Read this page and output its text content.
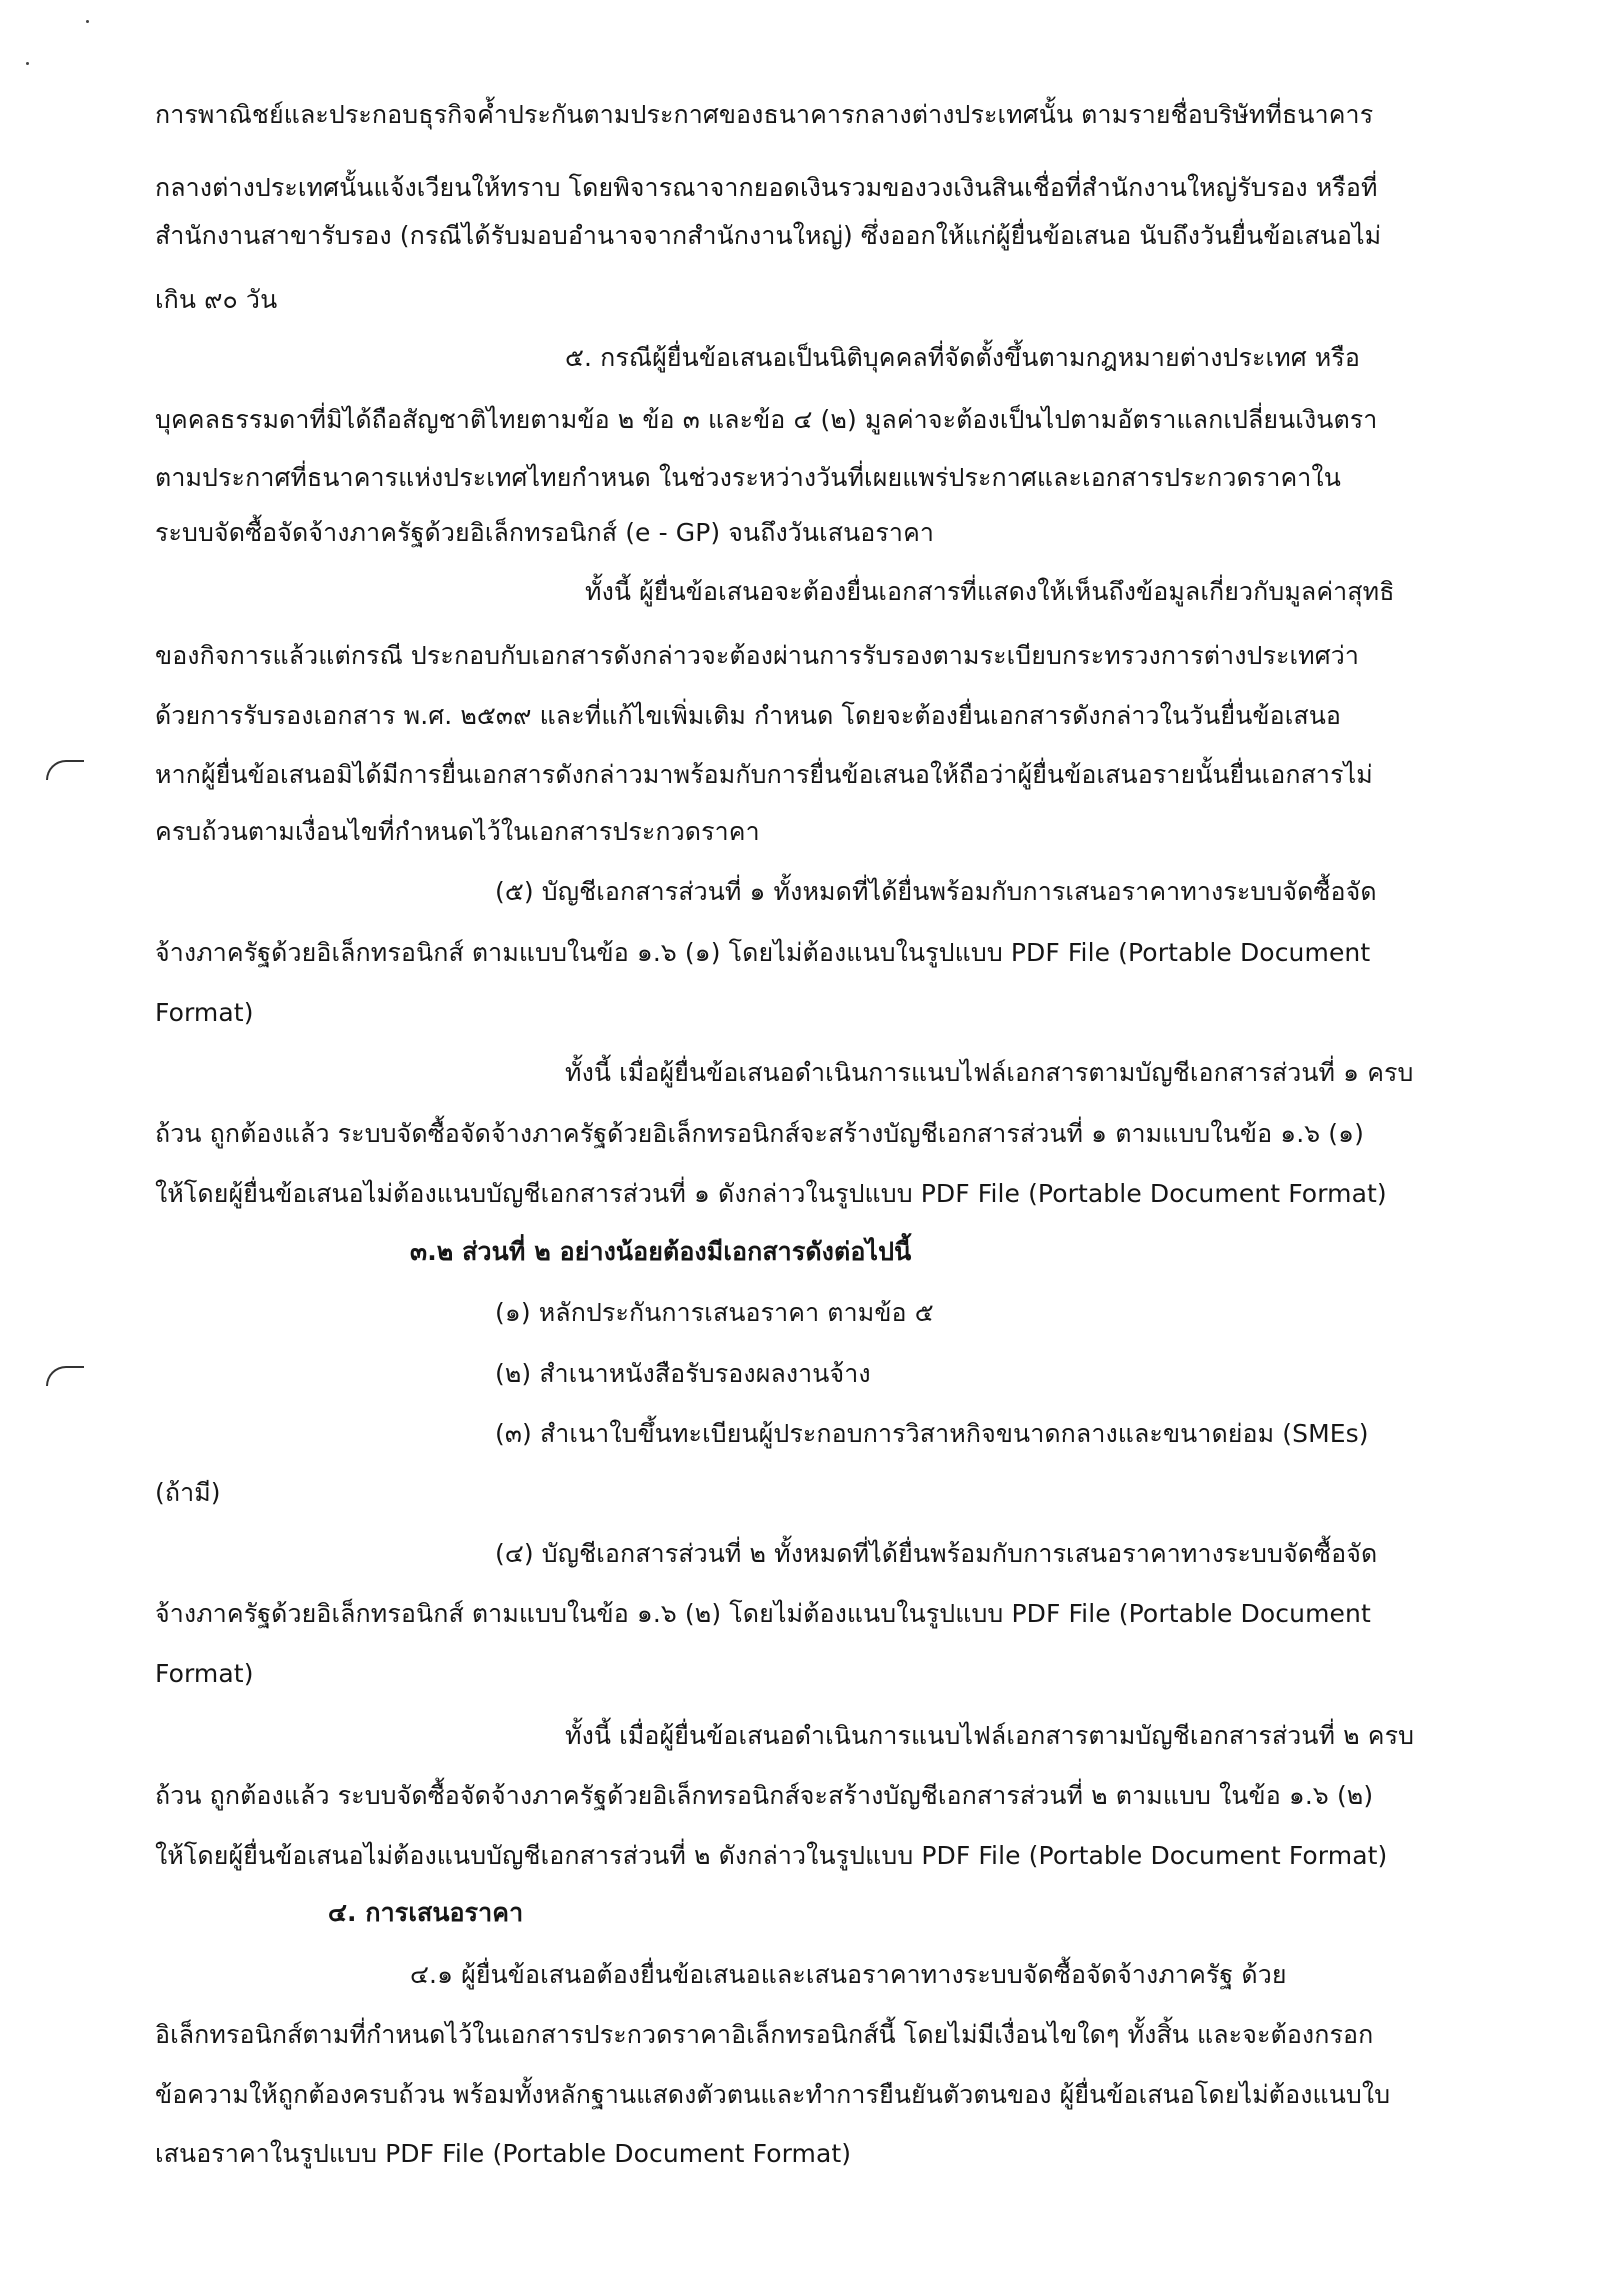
การพาณิชย์และประกอบธุรกิจค้ำประกันตามประกาศของธนาคารกลางต่างประเทศนั้น ตามรายชื่อบริษัทที่ธนาคาร
กลางต่างประเทศนั้นแจ้งเวียนให้ทราบ โดยพิจารณาจากยอดเงินรวมของวงเงินสินเชื่อที่สำนักงานใหญ่รับรอง หรือที่
สำนักงานสาขารับรอง (กรณีได้รับมอบอำนาจจากสำนักงานใหญ่) ซึ่งออกให้แก่ผู้ยื่นข้อเสนอ นับถึงวันยื่นข้อเสนอไม่
เกิน ๙๐ วัน
๕. กรณีผู้ยื่นข้อเสนอเป็นนิติบุคคลที่จัดตั้งขึ้นตามกฎหมายต่างประเทศ หรือ
บุคคลธรรมดาที่มิได้ถือสัญชาติไทยตามข้อ ๒ ข้อ ๓ และข้อ ๔ (๒) มูลค่าจะต้องเป็นไปตามอัตราแลกเปลี่ยนเงินตรา
ตามประกาศที่ธนาคารแห่งประเทศไทยกำหนด ในช่วงระหว่างวันที่เผยแพร่ประกาศและเอกสารประกวดราคาใน
ระบบจัดซื้อจัดจ้างภาครัฐด้วยอิเล็กทรอนิกส์ (e - GP) จนถึงวันเสนอราคา
ทั้งนี้ ผู้ยื่นข้อเสนอจะต้องยื่นเอกสารที่แสดงให้เห็นถึงข้อมูลเกี่ยวกับมูลค่าสุทธิ
ของกิจการแล้วแต่กรณี ประกอบกับเอกสารดังกล่าวจะต้องผ่านการรับรองตามระเบียบกระทรวงการต่างประเทศว่า
ด้วยการรับรองเอกสาร พ.ศ. ๒๕๓๙ และที่แก้ไขเพิ่มเติม กำหนด โดยจะต้องยื่นเอกสารดังกล่าวในวันยื่นข้อเสนอ
หากผู้ยื่นข้อเสนอมิได้มีการยื่นเอกสารดังกล่าวมาพร้อมกับการยื่นข้อเสนอให้ถือว่าผู้ยื่นข้อเสนอรายนั้นยื่นเอกสารไม่
ครบถ้วนตามเงื่อนไขที่กำหนดไว้ในเอกสารประกวดราคา
(๕) บัญชีเอกสารส่วนที่ ๑ ทั้งหมดที่ได้ยื่นพร้อมกับการเสนอราคาทางระบบจัดซื้อจัด
จ้างภาครัฐด้วยอิเล็กทรอนิกส์ ตามแบบในข้อ ๑.๖ (๑) โดยไม่ต้องแนบในรูปแบบ PDF File (Portable Document
Format)
ทั้งนี้ เมื่อผู้ยื่นข้อเสนอดำเนินการแนบไฟล์เอกสารตามบัญชีเอกสารส่วนที่ ๑ ครบ
ถ้วน ถูกต้องแล้ว ระบบจัดซื้อจัดจ้างภาครัฐด้วยอิเล็กทรอนิกส์จะสร้างบัญชีเอกสารส่วนที่ ๑ ตามแบบในข้อ ๑.๖ (๑)
ให้โดยผู้ยื่นข้อเสนอไม่ต้องแนบบัญชีเอกสารส่วนที่ ๑ ดังกล่าวในรูปแบบ PDF File (Portable Document Format)
๓.๒ ส่วนที่ ๒ อย่างน้อยต้องมีเอกสารดังต่อไปนี้
(๑) หลักประกันการเสนอราคา ตามข้อ ๕
(๒) สำเนาหนังสือรับรองผลงานจ้าง
(๓) สำเนาใบขึ้นทะเบียนผู้ประกอบการวิสาหกิจขนาดกลางและขนาดย่อม (SMEs)
(ถ้ามี)
(๔) บัญชีเอกสารส่วนที่ ๒ ทั้งหมดที่ได้ยื่นพร้อมกับการเสนอราคาทางระบบจัดซื้อจัด
จ้างภาครัฐด้วยอิเล็กทรอนิกส์ ตามแบบในข้อ ๑.๖ (๒) โดยไม่ต้องแนบในรูปแบบ PDF File (Portable Document
Format)
ทั้งนี้ เมื่อผู้ยื่นข้อเสนอดำเนินการแนบไฟล์เอกสารตามบัญชีเอกสารส่วนที่ ๒ ครบ
ถ้วน ถูกต้องแล้ว ระบบจัดซื้อจัดจ้างภาครัฐด้วยอิเล็กทรอนิกส์จะสร้างบัญชีเอกสารส่วนที่ ๒ ตามแบบ ในข้อ ๑.๖ (๒)
ให้โดยผู้ยื่นข้อเสนอไม่ต้องแนบบัญชีเอกสารส่วนที่ ๒ ดังกล่าวในรูปแบบ PDF File (Portable Document Format)
๔. การเสนอราคา
๔.๑ ผู้ยื่นข้อเสนอต้องยื่นข้อเสนอและเสนอราคาทางระบบจัดซื้อจัดจ้างภาครัฐ ด้วย
อิเล็กทรอนิกส์ตามที่กำหนดไว้ในเอกสารประกวดราคาอิเล็กทรอนิกส์นี้ โดยไม่มีเงื่อนไขใดๆ ทั้งสิ้น และจะต้องกรอก
ข้อความให้ถูกต้องครบถ้วน พร้อมทั้งหลักฐานแสดงตัวตนและทำการยืนยันตัวตนของ ผู้ยื่นข้อเสนอโดยไม่ต้องแนบใบ
เสนอราคาในรูปแบบ PDF File (Portable Document Format)
